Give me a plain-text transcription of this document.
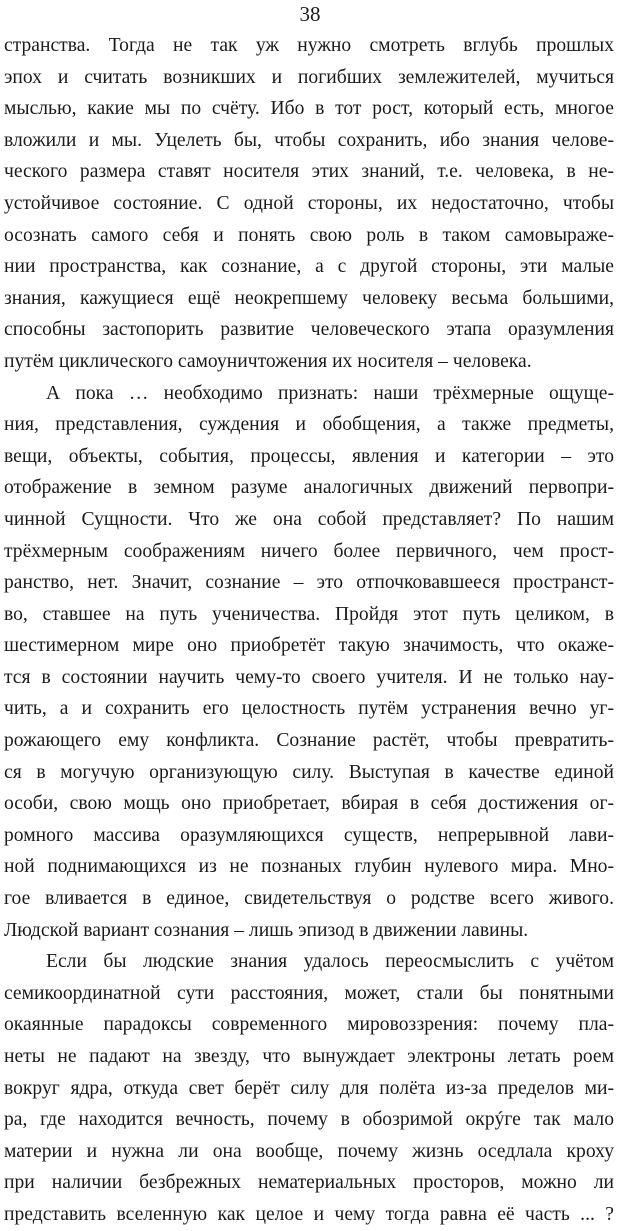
38
странства. Тогда не так уж нужно смотреть вглубь прошлых
эпох и считать возникших и погибших землежителей, мучиться
мыслью, какие мы по счёту. Ибо в тот рост, который есть, многое
вложили и мы. Уцелеть бы, чтобы сохранить, ибо знания челове-
ческого размера ставят носителя этих знаний, т.е. человека, в не-
устойчивое состояние. С одной стороны, их недостаточно, чтобы
осознать самого себя и понять свою роль в таком самовыраже-
нии пространства, как сознание, а с другой стороны, эти малые
знания, кажущиеся ещё неокрепшему человеку весьма большими,
способны застопорить развитие человеческого этапа оразумления
путём циклического самоуничтожения их носителя – человека.
А пока … необходимо признать: наши трёхмерные ощуще-
ния, представления, суждения и обобщения, а также предметы,
вещи, объекты, события, процессы, явления и категории – это
отображение в земном разуме аналогичных движений первопри-
чинной Сущности. Что же она собой представляет? По нашим
трёхмерным соображениям ничего более первичного, чем прост-
ранство, нет. Значит, сознание – это отпочковавшееся пространст-
во, ставшее на путь ученичества. Пройдя этот путь целиком, в
шестимерном мире оно приобретёт такую значимость, что окаже-
тся в состоянии научить чему-то своего учителя. И не только нау-
чить, а и сохранить его целостность путём устранения вечно уг-
рожающего ему конфликта. Сознание растёт, чтобы превратить-
ся в могучую организующую силу. Выступая в качестве единой
особи, свою мощь оно приобретает, вбирая в себя достижения ог-
ромного массива оразумляющихся существ, непрерывной лави-
ной поднимающихся из не познаных глубин нулевого мира. Мно-
гое вливается в единое, свидетельствуя о родстве всего живого.
Людской вариант сознания – лишь эпизод в движении лавины.
Если бы людские знания удалось переосмыслить с учётом
семикоординатной сути расстояния, может, стали бы понятными
окаянные парадоксы современного мировоззрения: почему пла-
неты не падают на звезду, что вынуждает электроны летать роем
вокруг ядра, откуда свет берёт силу для полёта из-за пределов ми-
ра, где находится вечность, почему в обозримой окрýге так мало
материи и нужна ли она вообще, почему жизнь оседлала кроху
при наличии безбрежных нематериальных просторов, можно ли
представить вселенную как целое и чему тогда равна её часть ... ?
